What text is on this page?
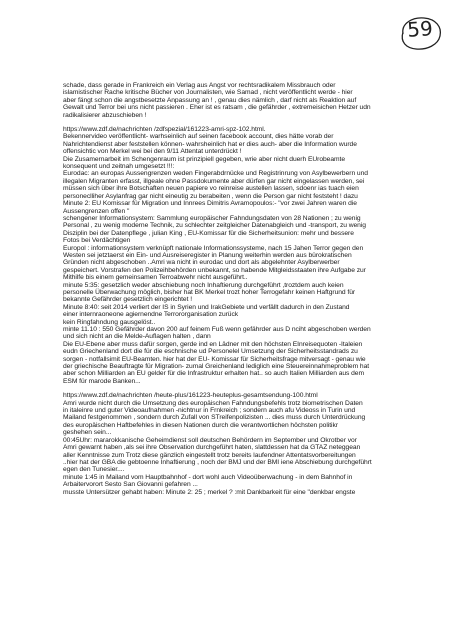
59
schade, dass gerade in Frankreich ein Verlag aus Angst vor rechtsradikalem Missbrauch oder
islamistischer Rache kritische Bücher von Journalisten, wie Samad , nicht veröffentlicht werde - hier
aber fängt schon die angstbesetzte Anpassung an ! , genau dies nämlich , darf nicht als Reaktion auf
Gewalt und Terror bei uns nicht passieren . Eher ist es ratsam , die gefährder , extremeisichen Hetzer udn
radikalisierer abzuschieben !
https://www.zdf.de/nachrichten /zdfspezial/161223-amri-spz-102.html.
Bekennervideo veröffentlicht- warhseinlich auf seinen facebook account, dies hätte vorab der
Nahrichtendienst aber feststellen können- wahrsheinlich hat er dies auch- aber die Information wurde
offensichtic von Merkel wei bei den 9/11 Attentat unterdrückt !
Die Zusamernarbeit im Schengenraum ist prinzipiell gegeben, wrie aber nicht duerh EUrobeamte
konsequent und zeitnah umgesetzt !!!:
Eurodac: an europas Aussengrenzen weden Fingerabdrnücke und Registrinrung von Asylbewerbern und
illegalen Migranten erfasst, illgeale ohne Passdokumente aber dürfen gar nicht eingelassen werden, sei
müssen sich über ihre Botschaften neuen papiere vo reinreise austellen lassen, sdoenr ias tuach eien
personeclliher Asylanfrag gar nicht eineutig zu berabeiten , wenn die Person gar nicht feststeht ! dazu
Minute 2: EU Komissar für Migration und Innrees Dimitris Avramopoulos:- "vor zwei Jahren waren die
Aussengrenzen offen "
schengener Informationsystem: Sammlung europäischer Fahndungsdaten von 28 Nationen ; zu wenig
Personal , zu wenig moderne Technik, zu schlechter zeitgleicher Datenabgleich und -transport, zu wenig
Disziplin bei der Datenpflege , julian King , EU-Komissar für die Sicherheitsunion: mehr und bessere
Fotos bei Verdächtigen
Europol : informationsystem verknüpft nationale Informationssysteme, nach 15 Jahen Terror gegen den
Westen sei jetztaerst ein Ein- und Ausreiseregister in Planung weiterhin werden aus bürokratischen
Gründen nicht abgeschoben ..Amri wa nicht in eurodac und dort als abgelehnter Asylberwerber
gespeichert. Vorstrafen den Polizeihbehörden unbekannt, so habende Mitgleidsstaaten ihre Aufgabe zur
Mithilfe bis einem gemeinsamen Terroabwehr nicht ausgeführt..
minute 5:35: gesetzlich weder abschiebung noch Inhaftierung durchgeführt ,troztdem auch keien
personelle Überwachung möglich, bisher hat BK Merkel trozt hoher Terrogefahr keinen Haftgrund für
bekannte Gefährder gesetzlich eingerichtet !
Minute 8:40: seit 2014 verliert der IS in Syrien und IrakGebiete und verfällt dadurch in den Zustand
einer internraoneone agiernendne Terrororganisation zurück
kein Ringfahndung gausgelöst..
minte 11.10 : 550 Gefährder davon 200 auf feinem Fuß wenn gefährder aus D nciht abgeschoben werden
und sich nicht an die Melde-Auflagen halten , dann
Die EU-Ebene aber muss dafür sorgen, gerde ind en Lädner mit den höchsten EInreisequoten -Italeien
eudn Griechenland dort die für die eschnische ud Personelel Umsetzung der Sicherheitsstandrads zu
sorgen - notfallsimit EU-Beamten. hier hat der EU- Komissar für Sicherheitsfrage mitversagt - genau wie
der griechische Beauftragte für Migration- zumal Greichenland lediglich eine Steuereinnahmeproblem hat
aber schon Milliarden an EU gelder für die Infrastruktur erhalten hat.. so auch Italien Milliarden aus dem
ESM für marode Banken...
https://www.zdf.de/nachrichten /heute-plus/161223-heuteplus-gesamtsendung-100.html
Amri wurde nicht durch die Umsetzung des europäischen Fahndungsbefehls trotz biometrischen Daten
in italeinre und guter Videoaufnahmen -nichtnur in Frnkreich ; sondern auch afu Videoss in Turin und
Mailand festgenommen , sondern durch Zufall von STreifenpolizisten ... dies muss durch Unterdrückung
des europäischen Haftbefehles in diesen Nationen durch die verantwortlichen höchsten politikr
geshehen sein...
00:45Uhr: mararokkanische Geheimdienst soll deutschen Behördern im September und Okrotber vor
Amri gewarnt haben ,als sei ihre Observation durchgeführt haten, slattdessen hat da GTAZ neteggean
aller Kenntnisse zum Trotz diese gänzlich eingestellt trotz bereits laufendner Attentatsvorbereitungen
..hier hat der GBA die gebtoenne Inhaftierung , noch der BMJ und der BMI iene Abschiebung durchgeführt
egen den Tunesier....
minute 1:45 in Mailand vom Hauptbahnhof - dort wohl auch Videoüberwachung - in dem Bahnhof in
Arbaitervorort Sesto San Giovanni gefahren ...
musste Untersützer gehabt haben: Minute 2: 25 ; merkel ? :mit Dankbarkeit für eine "denkbar engste
